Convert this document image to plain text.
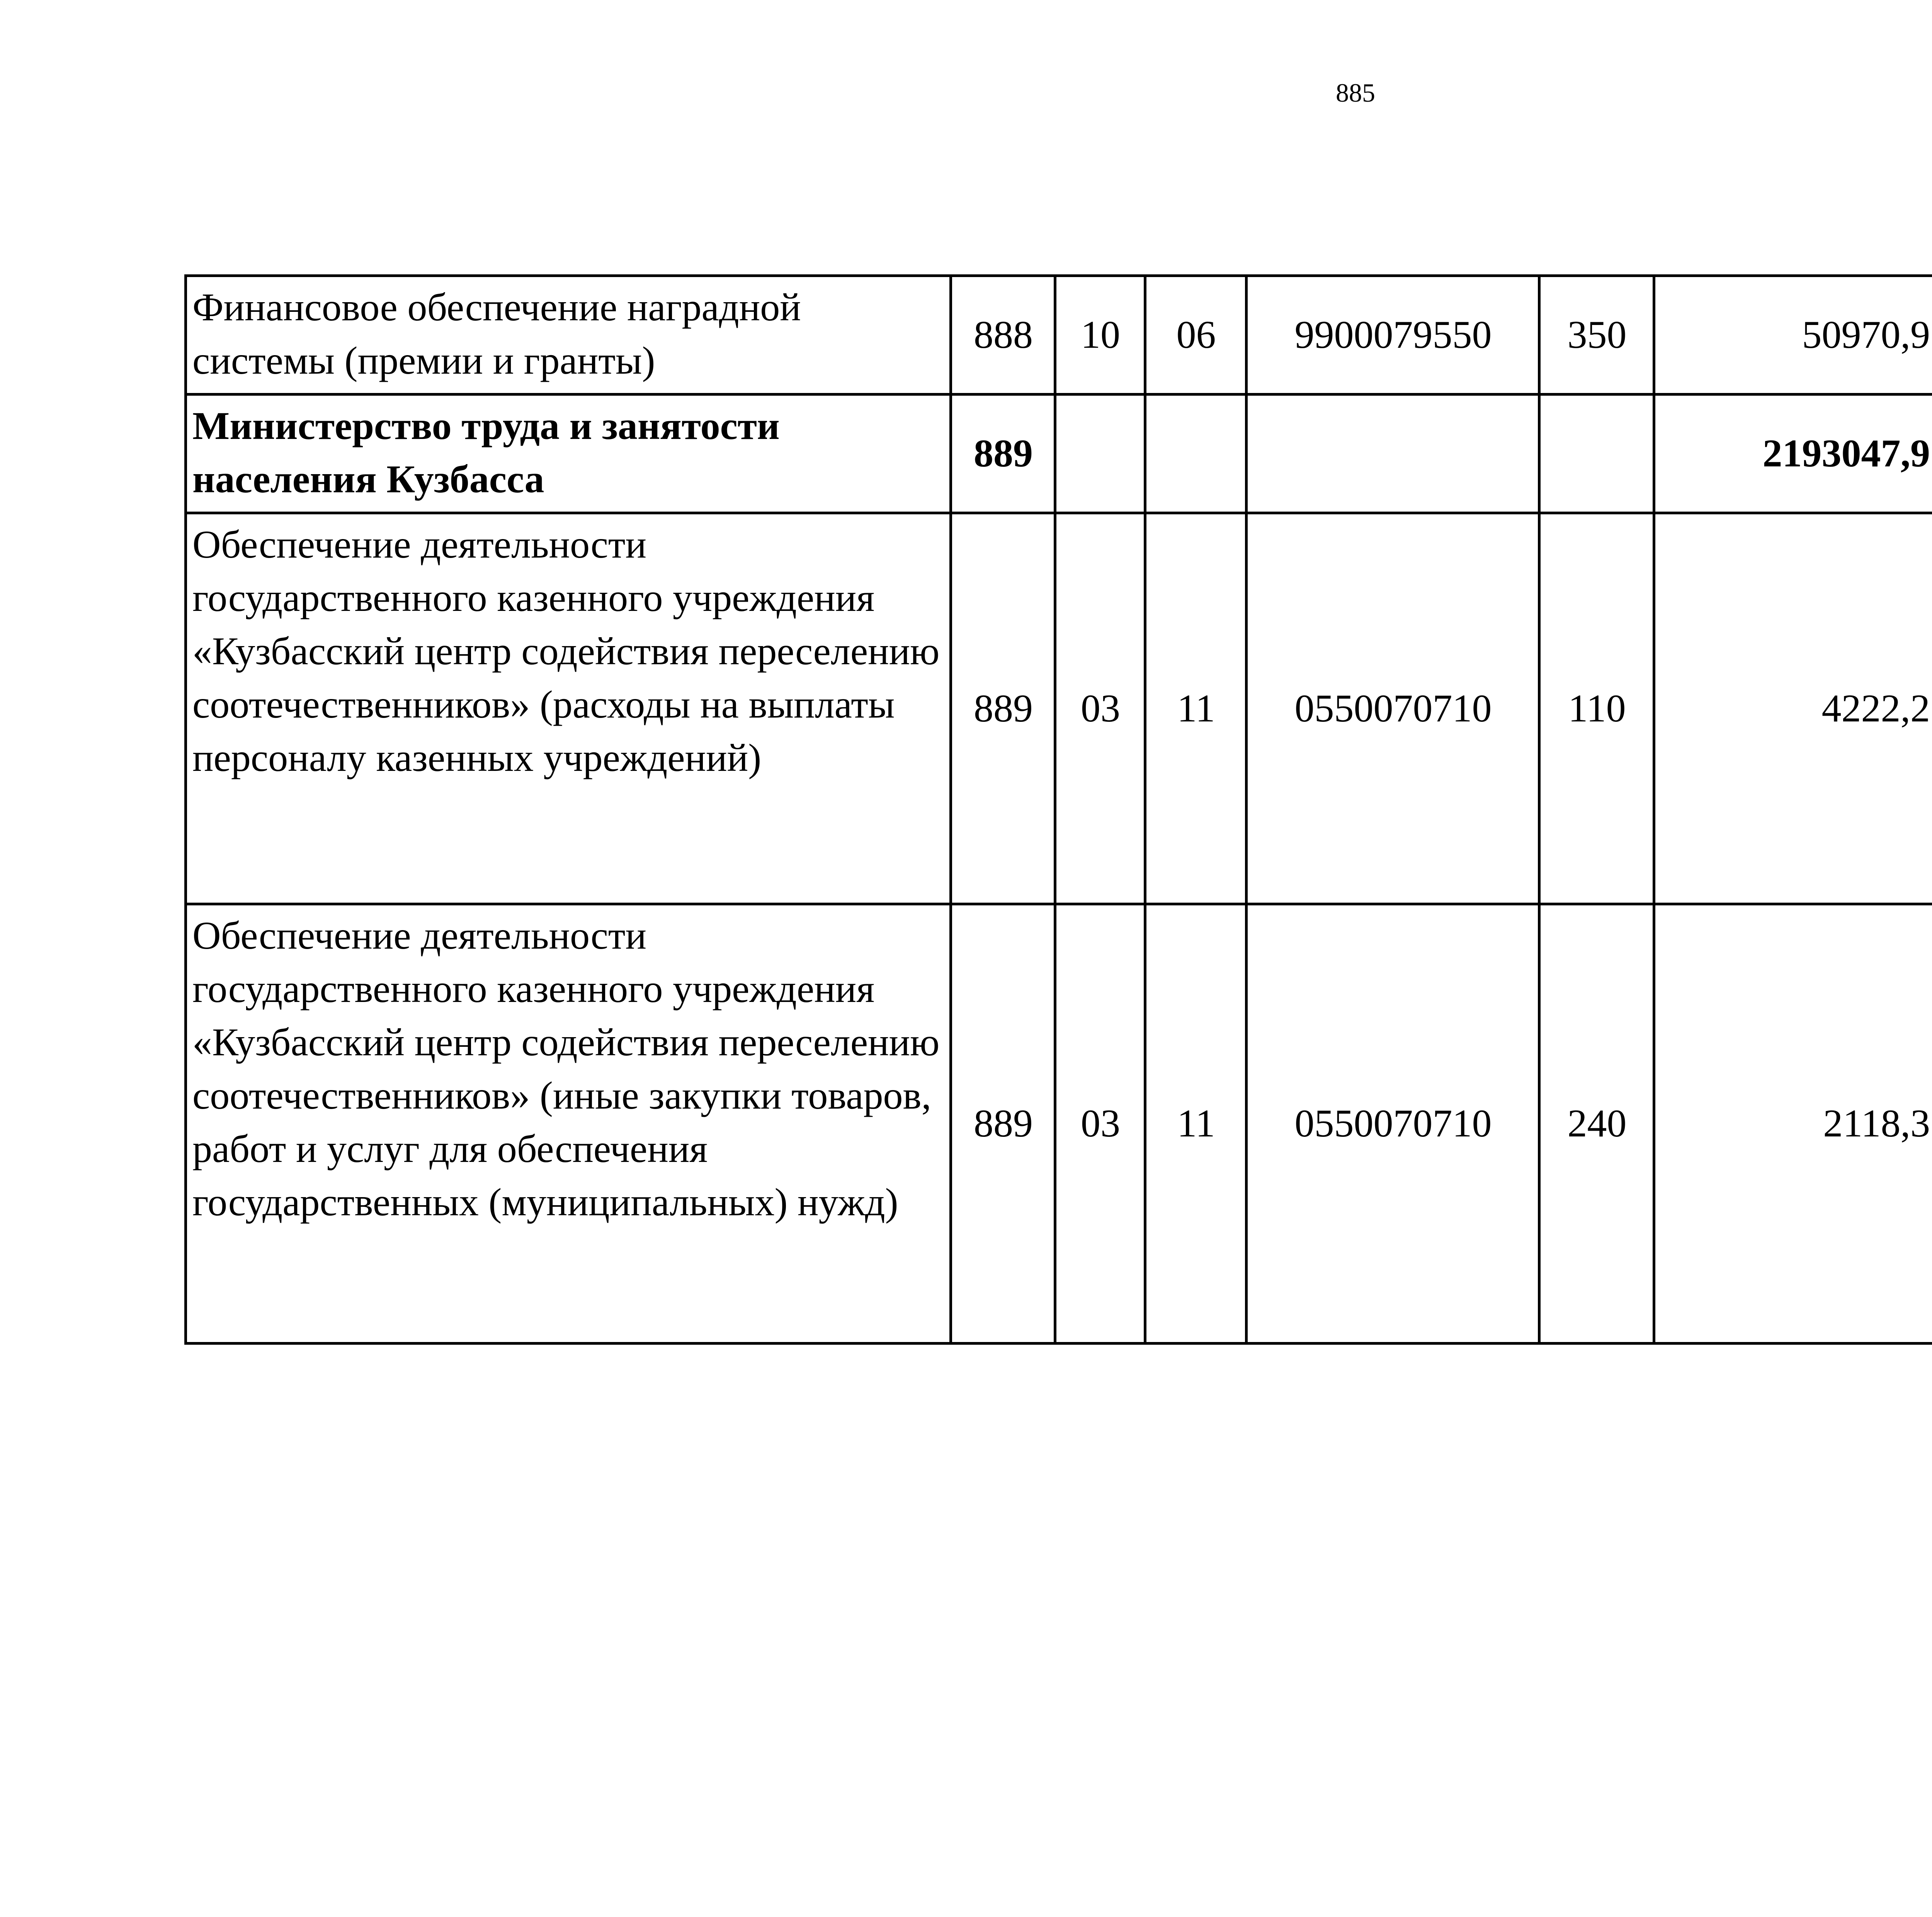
885
Финансовое обеспечение наградной системы (премии и гранты)	888	10	06	9900079550	350	50970,9		
Министерство труда и занятости населения Кузбасса	889					2193047,9		
Обеспечение деятельности государственного казенного учреждения «Кузбасский центр содействия переселению соотечественников» (расходы на выплаты персоналу казенных учреждений)	889	03	11	0550070710	110	4222,2		
Обеспечение деятельности государственного казенного учреждения «Кузбасский центр содействия переселению соотечественников» (иные закупки товаров, работ и услуг для обеспечения государственных (муниципальных) нужд)	889	03	11	0550070710	240	2118,3		
